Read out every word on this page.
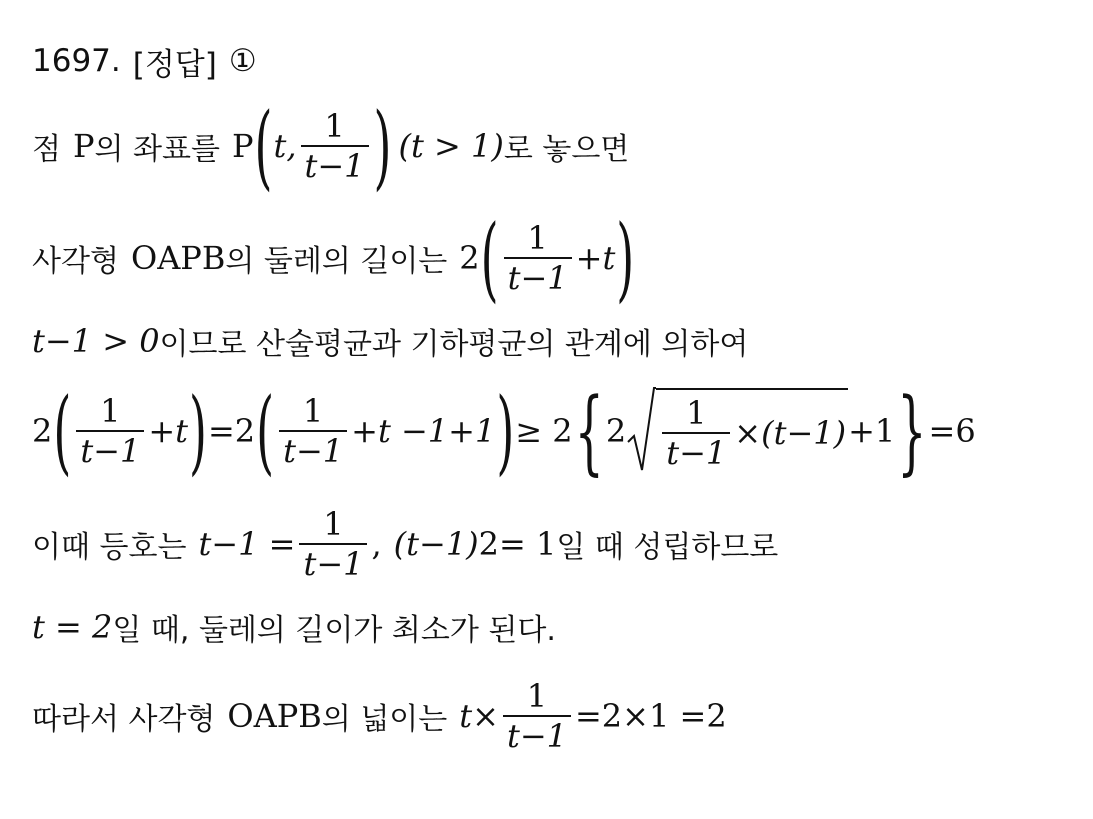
1697. [정답] ①
점 P 의 좌표를 P ( t, $\frac{1}{t-1}$ ) (t > 1) 로 놓으면
사각형 OAPB 의 둘레의 길이는 2 ( $\frac{1}{t-1} +t$ )
t−1 > 0 이므로 산술평균과 기하평균의 관계에 의하여
2 ( $\frac{1}{t-1} +t$ ) =2 ( $\frac{1}{t-1} +t -1+1$ ) ≥ 2 { $2 \frac{1}{t-1} \times(t-1) +1$ } =6
이때 등호는 $t-1 = \frac{1}{t-1}$ , (t−1) 2 = 1 일 때 성립하므로
t = 2 일 때, 둘레의 길이가 최소가 된다.
따라서 사각형 OAPB 의 넓이는 $t\times \frac{1}{t-1} =2\times 1 =2$
